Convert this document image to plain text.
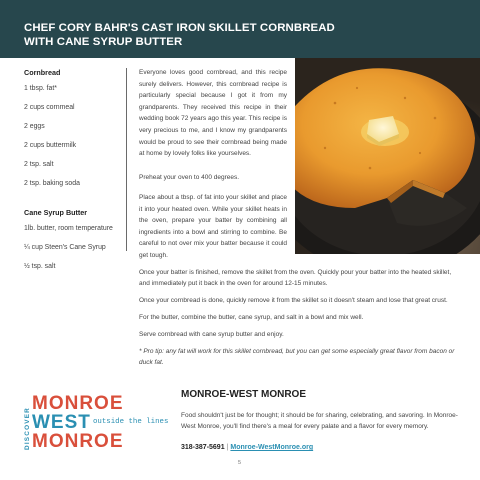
CHEF CORY BAHR'S CAST IRON SKILLET CORNBREAD
WITH CANE SYRUP BUTTER
Cornbread
1 tbsp. fat*
2 cups cornmeal
2 eggs
2 cups buttermilk
2 tsp. salt
2 tsp. baking soda
Cane Syrup Butter
1lb. butter, room temperature
¼ cup Steen's Cane Syrup
½ tsp. salt
Everyone loves good cornbread, and this recipe surely delivers. However, this cornbread recipe is particularly special because I got it from my grandparents. They received this recipe in their wedding book 72 years ago this year. This recipe is very precious to me, and I know my grandparents would be proud to see their cornbread being made at home by lovely folks like yourselves.
Preheat your oven to 400 degrees.
Place about a tbsp. of fat into your skillet and place it into your heated oven. While your skillet heats in the oven, prepare your batter by combining all ingredients into a bowl and stirring to combine. Be careful to not over mix your batter because it could get tough.
Once your batter is finished, remove the skillet from the oven. Quickly pour your batter into the heated skillet, and immediately put it back in the oven for around 12-15 minutes.
Once your cornbread is done, quickly remove it from the skillet so it doesn't steam and lose that great crust.
For the butter, combine the butter, cane syrup, and salt in a bowl and mix well.
Serve cornbread with cane syrup butter and enjoy.
* Pro tip: any fat will work for this skillet cornbread, but you can get some especially great flavor from bacon or duck fat.
DISCOVER
MONROE
WEST outside the lines
MONROE
MONROE-WEST MONROE
Food shouldn't just be for thought; it should be for sharing, celebrating, and savoring. In Monroe-West Monroe, you'll find there's a meal for every palate and a flavor for every memory.
318-387-5691 | Monroe-WestMonroe.org
5
